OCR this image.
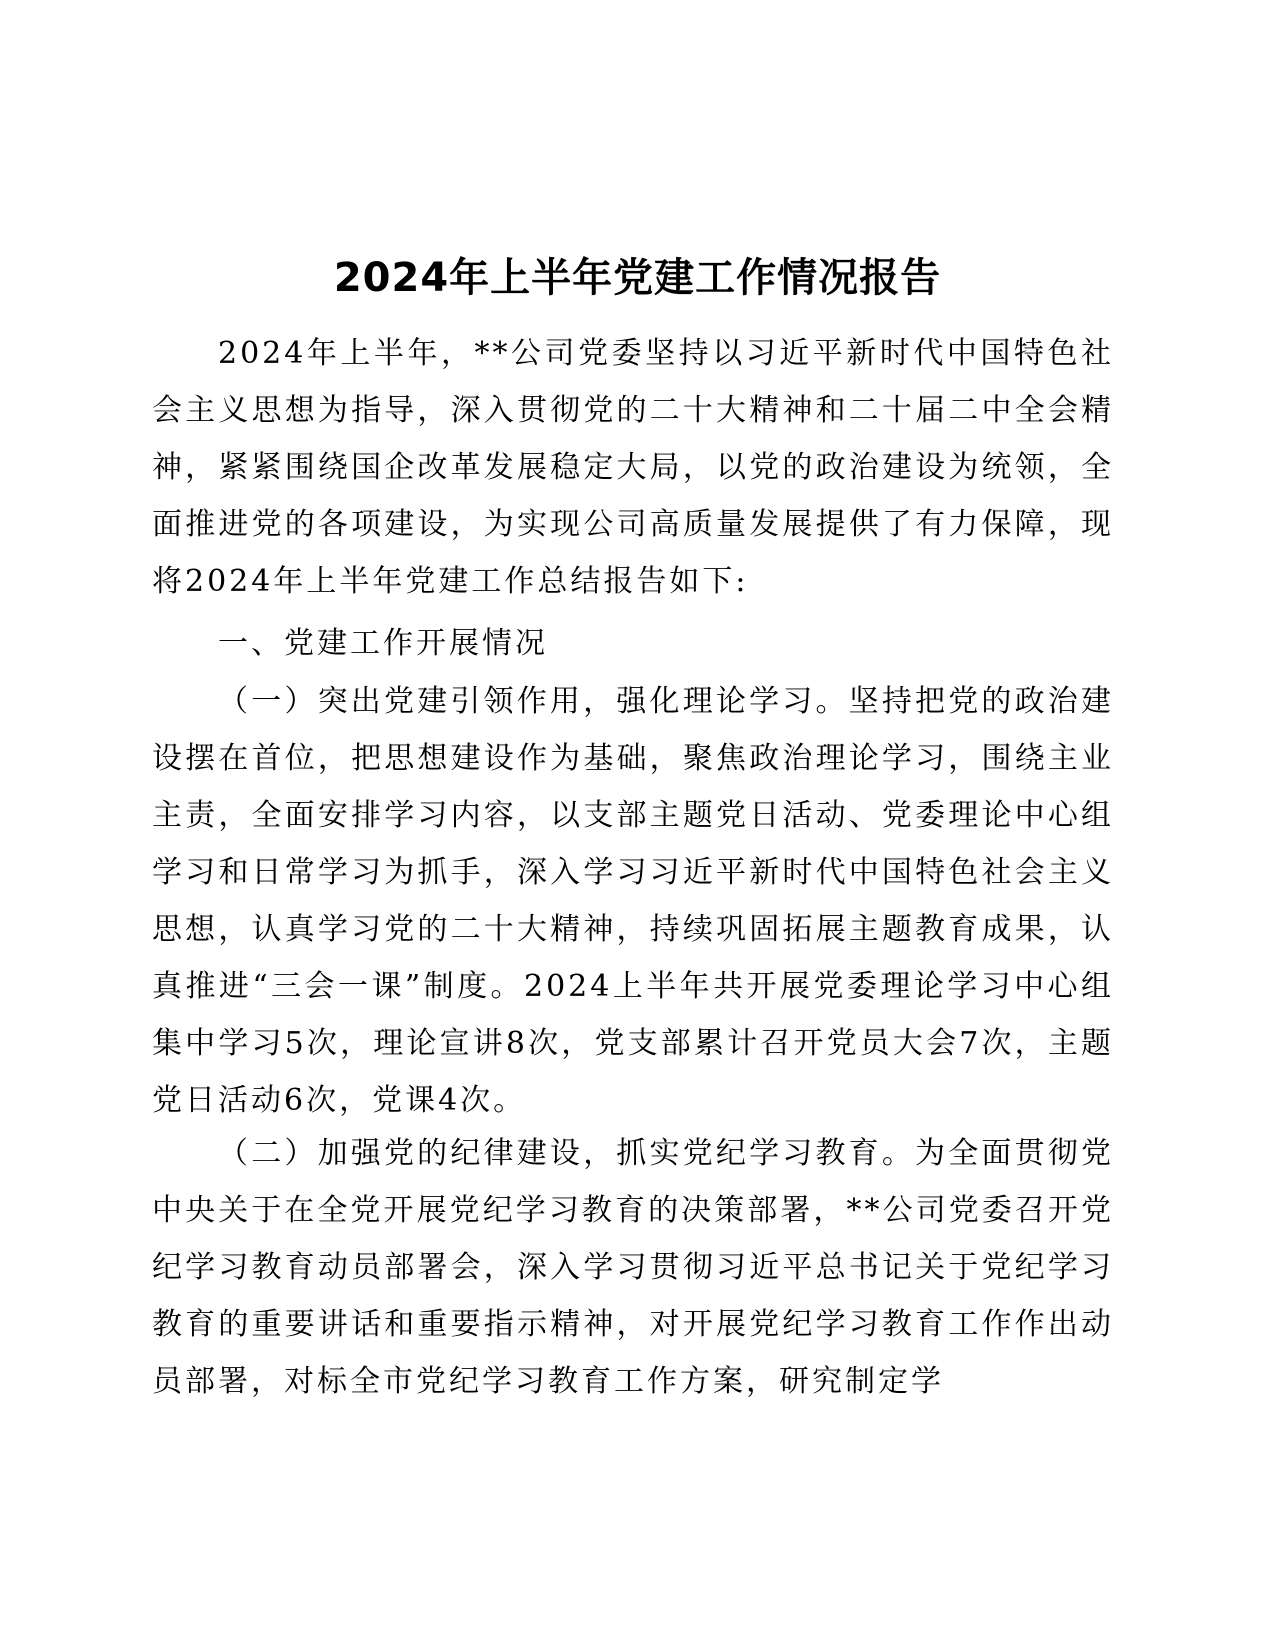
2024年上半年党建工作情况报告

2024年上半年，**公司党委坚持以习近平新时代中国特色社会主义思想为指导，深入贯彻党的二十大精神和二十届二中全会精神，紧紧围绕国企改革发展稳定大局，以党的政治建设为统领，全面推进党的各项建设，为实现公司高质量发展提供了有力保障，现将2024年上半年党建工作总结报告如下:

一、党建工作开展情况

（一）突出党建引领作用，强化理论学习。坚持把党的政治建设摆在首位，把思想建设作为基础，聚焦政治理论学习，围绕主业主责，全面安排学习内容，以支部主题党日活动、党委理论中心组学习和日常学习为抓手，深入学习习近平新时代中国特色社会主义思想，认真学习党的二十大精神，持续巩固拓展主题教育成果，认真推进“三会一课”制度。2024上半年共开展党委理论学习中心组集中学习5次，理论宣讲8次，党支部累计召开党员大会7次，主题党日活动6次，党课4次。

（二）加强党的纪律建设，抓实党纪学习教育。为全面贯彻党中央关于在全党开展党纪学习教育的决策部署，**公司党委召开党纪学习教育动员部署会，深入学习贯彻习近平总书记关于党纪学习教育的重要讲话和重要指示精神，对开展党纪学习教育工作作出动员部署，对标全市党纪学习教育工作方案，研究制定学
